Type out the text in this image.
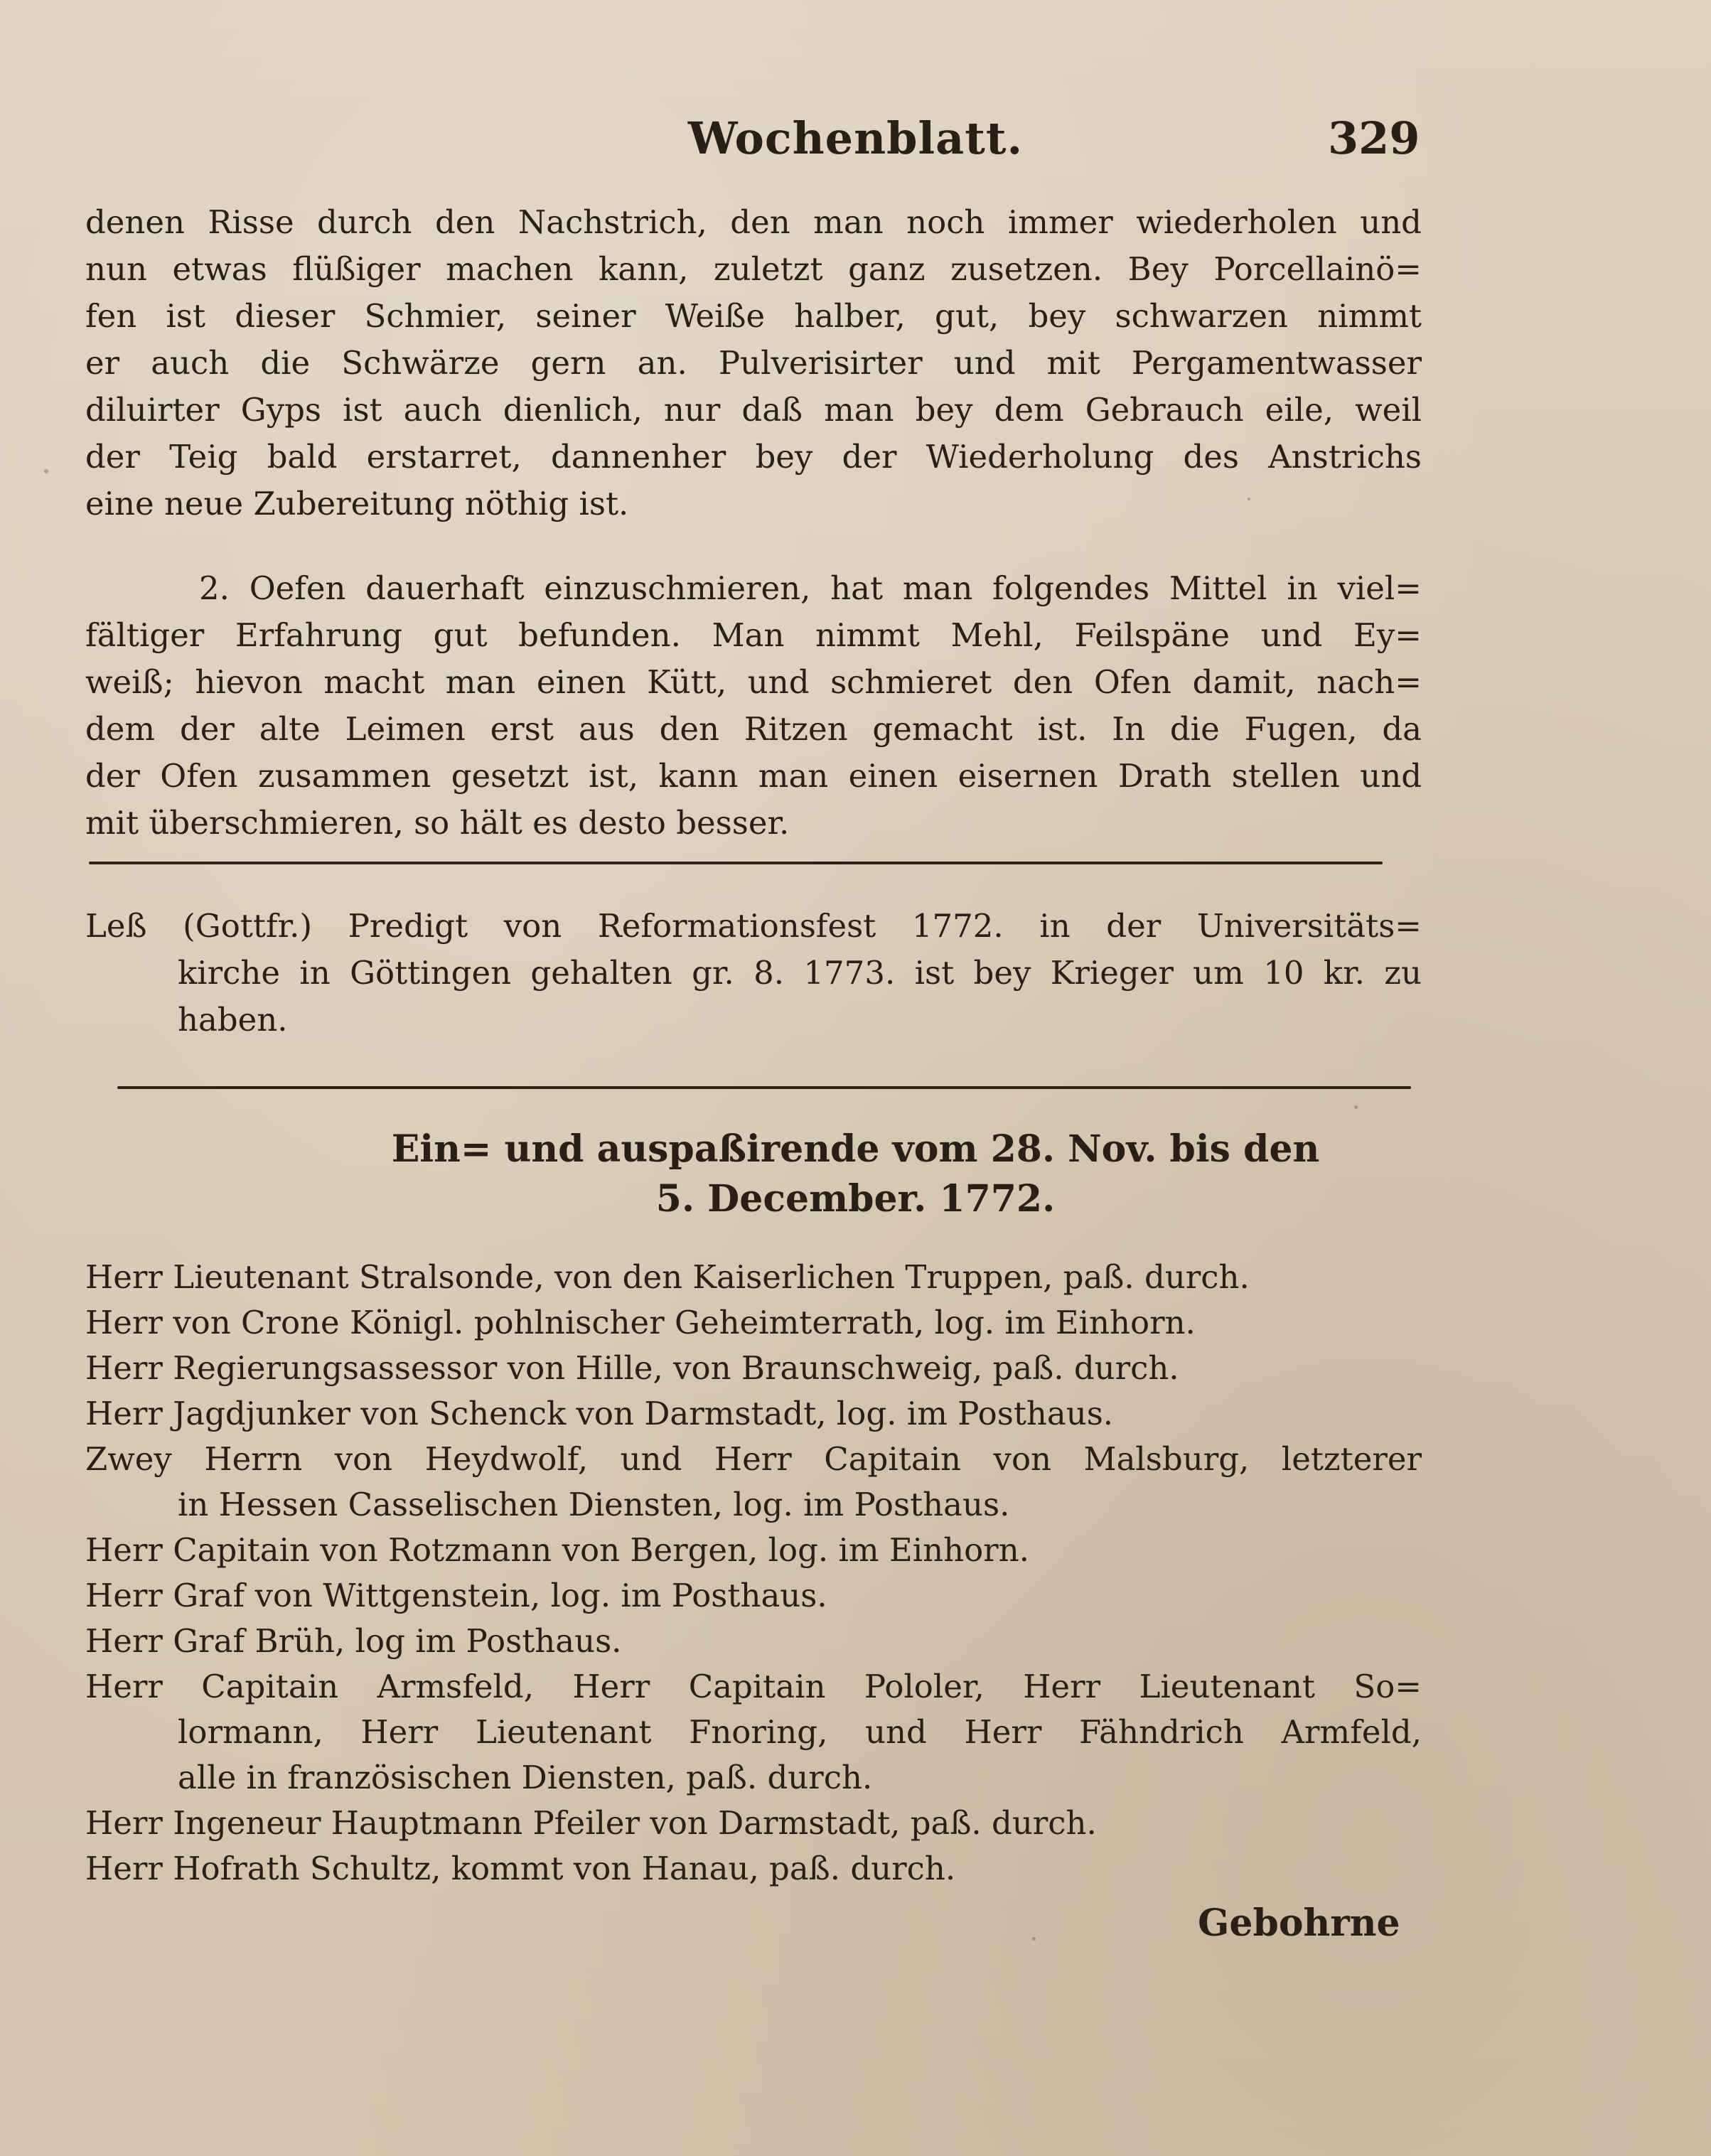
Wochenblatt.	329
denen Risse durch den Nachstrich, den man noch immer wiederholen und
nun etwas flüßiger machen kann, zuletzt ganz zusetzen. Bey Porcellainö=
fen ist dieser Schmier, seiner Weiße halber, gut, bey schwarzen nimmt
er auch die Schwärze gern an. Pulverisirter und mit Pergamentwasser
diluirter Gyps ist auch dienlich, nur daß man bey dem Gebrauch eile, weil
der Teig bald erstarret, dannenher bey der Wiederholung des Anstrichs
eine neue Zubereitung nöthig ist.
2. Oefen dauerhaft einzuschmieren, hat man folgendes Mittel in viel=
fältiger Erfahrung gut befunden. Man nimmt Mehl, Feilspäne und Ey=
weiß; hievon macht man einen Kütt, und schmieret den Ofen damit, nach=
dem der alte Leimen erst aus den Ritzen gemacht ist. In die Fugen, da
der Ofen zusammen gesetzt ist, kann man einen eisernen Drath stellen und
mit überschmieren, so hält es desto besser.
Leß (Gottfr.) Predigt von Reformationsfest 1772. in der Universitäts=
kirche in Göttingen gehalten gr. 8. 1773. ist bey Krieger um 10 kr. zu
haben.
Ein= und auspaßirende vom 28. Nov. bis den
5. December. 1772.
Herr Lieutenant Stralsonde, von den Kaiserlichen Truppen, paß. durch.
Herr von Crone Königl. pohlnischer Geheimterrath, log. im Einhorn.
Herr Regierungsassessor von Hille, von Braunschweig, paß. durch.
Herr Jagdjunker von Schenck von Darmstadt, log. im Posthaus.
Zwey Herrn von Heydwolf, und Herr Capitain von Malsburg, letzterer
in Hessen Casselischen Diensten, log. im Posthaus.
Herr Capitain von Rotzmann von Bergen, log. im Einhorn.
Herr Graf von Wittgenstein, log. im Posthaus.
Herr Graf Brüh, log im Posthaus.
Herr Capitain Armsfeld, Herr Capitain Pololer, Herr Lieutenant So=
lormann, Herr Lieutenant Fnoring, und Herr Fähndrich Armfeld,
alle in französischen Diensten, paß. durch.
Herr Ingeneur Hauptmann Pfeiler von Darmstadt, paß. durch.
Herr Hofrath Schultz, kommt von Hanau, paß. durch.
Gebohrne
